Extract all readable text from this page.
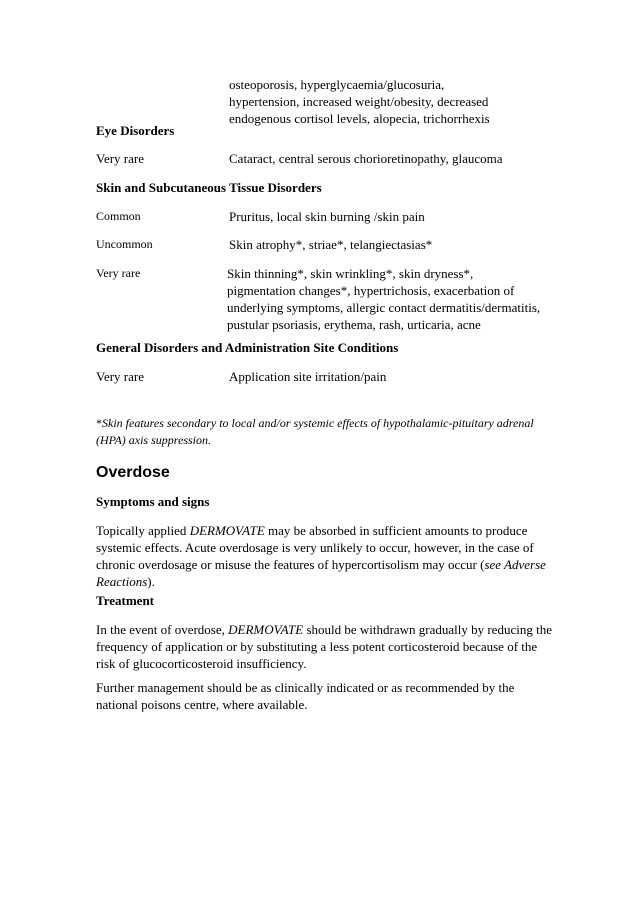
osteoporosis, hyperglycaemia/glucosuria,
hypertension, increased weight/obesity, decreased
endogenous cortisol levels, alopecia, trichorrhexis
Eye Disorders
Very rare	Cataract, central serous chorioretinopathy, glaucoma
Skin and Subcutaneous Tissue Disorders
Common	Pruritus, local skin burning /skin pain
Uncommon	Skin atrophy*, striae*, telangiectasias*
Very rare	Skin thinning*, skin wrinkling*, skin dryness*,
pigmentation changes*, hypertrichosis, exacerbation of
underlying symptoms, allergic contact dermatitis/dermatitis,
pustular psoriasis, erythema, rash, urticaria, acne
General Disorders and Administration Site Conditions
Very rare	Application site irritation/pain
*Skin features secondary to local and/or systemic effects of hypothalamic-pituitary adrenal
(HPA) axis suppression.
Overdose
Symptoms and signs
Topically applied DERMOVATE may be absorbed in sufficient amounts to produce systemic effects. Acute overdosage is very unlikely to occur, however, in the case of chronic overdosage or misuse the features of hypercortisolism may occur (see Adverse Reactions).
Treatment
In the event of overdose, DERMOVATE should be withdrawn gradually by reducing the frequency of application or by substituting a less potent corticosteroid because of the risk of glucocorticosteroid insufficiency.
Further management should be as clinically indicated or as recommended by the national poisons centre, where available.
